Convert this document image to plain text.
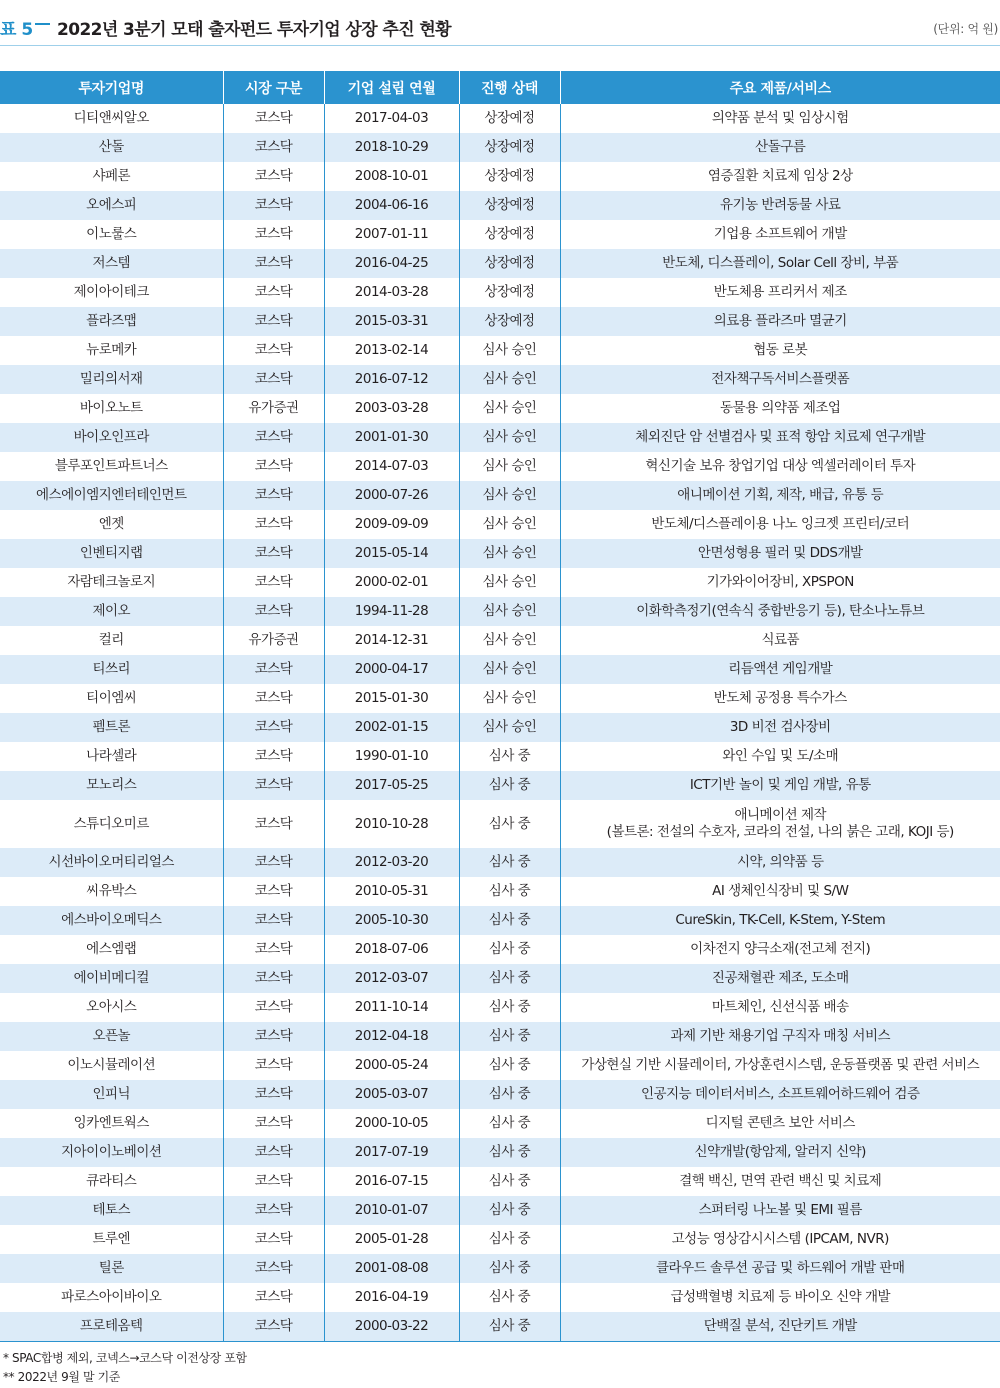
표 5 2022년 3분기 모태 출자펀드 투자기업 상장 추진 현황	(단위: 억 원)
투자기업명	시장 구분	기업 설립 연월	진행 상태	주요 제품/서비스
디티앤씨알오	코스닥	2017-04-03	상장예정	의약품 분석 및 임상시험
산돌	코스닥	2018-10-29	상장예정	산돌구름
샤페론	코스닥	2008-10-01	상장예정	염증질환 치료제 임상 2상
오에스피	코스닥	2004-06-16	상장예정	유기농 반려동물 사료
이노룰스	코스닥	2007-01-11	상장예정	기업용 소프트웨어 개발
저스템	코스닥	2016-04-25	상장예정	반도체, 디스플레이, Solar Cell 장비, 부품
제이아이테크	코스닥	2014-03-28	상장예정	반도체용 프리커서 제조
플라즈맵	코스닥	2015-03-31	상장예정	의료용 플라즈마 멸균기
뉴로메카	코스닥	2013-02-14	심사 승인	협동 로봇
밀리의서재	코스닥	2016-07-12	심사 승인	전자책구독서비스플랫폼
바이오노트	유가증권	2003-03-28	심사 승인	동물용 의약품 제조업
바이오인프라	코스닥	2001-01-30	심사 승인	체외진단 암 선별검사 및 표적 항암 치료제 연구개발
블루포인트파트너스	코스닥	2014-07-03	심사 승인	혁신기술 보유 창업기업 대상 엑셀러레이터 투자
에스에이엠지엔터테인먼트	코스닥	2000-07-26	심사 승인	애니메이션 기획, 제작, 배급, 유통 등
엔젯	코스닥	2009-09-09	심사 승인	반도체/디스플레이용 나노 잉크젯 프린터/코터
인벤티지랩	코스닥	2015-05-14	심사 승인	안면성형용 필러 및 DDS개발
자람테크놀로지	코스닥	2000-02-01	심사 승인	기가와이어장비, XPSPON
제이오	코스닥	1994-11-28	심사 승인	이화학측정기(연속식 중합반응기 등), 탄소나노튜브
컬리	유가증권	2014-12-31	심사 승인	식료품
티쓰리	코스닥	2000-04-17	심사 승인	리듬액션 게임개발
티이엠씨	코스닥	2015-01-30	심사 승인	반도체 공정용 특수가스
펨트론	코스닥	2002-01-15	심사 승인	3D 비전 검사장비
나라셀라	코스닥	1990-01-10	심사 중	와인 수입 및 도/소매
모노리스	코스닥	2017-05-25	심사 중	ICT기반 놀이 및 게임 개발, 유통
스튜디오미르	코스닥	2010-10-28	심사 중	애니메이션 제작
(볼트론: 전설의 수호자, 코라의 전설, 나의 붉은 고래, KOJI 등)
시선바이오머티리얼스	코스닥	2012-03-20	심사 중	시약, 의약품 등
씨유박스	코스닥	2010-05-31	심사 중	AI 생체인식장비 및 S/W
에스바이오메딕스	코스닥	2005-10-30	심사 중	CureSkin, TK-Cell, K-Stem, Y-Stem
에스엠랩	코스닥	2018-07-06	심사 중	이차전지 양극소재(전고체 전지)
에이비메디컬	코스닥	2012-03-07	심사 중	진공채혈관 제조, 도소매
오아시스	코스닥	2011-10-14	심사 중	마트체인, 신선식품 배송
오픈놀	코스닥	2012-04-18	심사 중	과제 기반 채용기업 구직자 매칭 서비스
이노시뮬레이션	코스닥	2000-05-24	심사 중	가상현실 기반 시뮬레이터, 가상훈련시스템, 운동플랫폼 및 관련 서비스
인피닉	코스닥	2005-03-07	심사 중	인공지능 데이터서비스, 소프트웨어하드웨어 검증
잉카엔트웍스	코스닥	2000-10-05	심사 중	디지털 콘텐츠 보안 서비스
지아이이노베이션	코스닥	2017-07-19	심사 중	신약개발(항암제, 알러지 신약)
큐라티스	코스닥	2016-07-15	심사 중	결핵 백신, 면역 관련 백신 및 치료제
테토스	코스닥	2010-01-07	심사 중	스퍼터링 나노볼 및 EMI 필름
트루엔	코스닥	2005-01-28	심사 중	고성능 영상감시시스템 (IPCAM, NVR)
틸론	코스닥	2001-08-08	심사 중	클라우드 솔루션 공급 및 하드웨어 개발 판매
파로스아이바이오	코스닥	2016-04-19	심사 중	급성백혈병 치료제 등 바이오 신약 개발
프로테옴텍	코스닥	2000-03-22	심사 중	단백질 분석, 진단키트 개발
* SPAC합병 제외, 코넥스→코스닥 이전상장 포함
** 2022년 9월 말 기준
